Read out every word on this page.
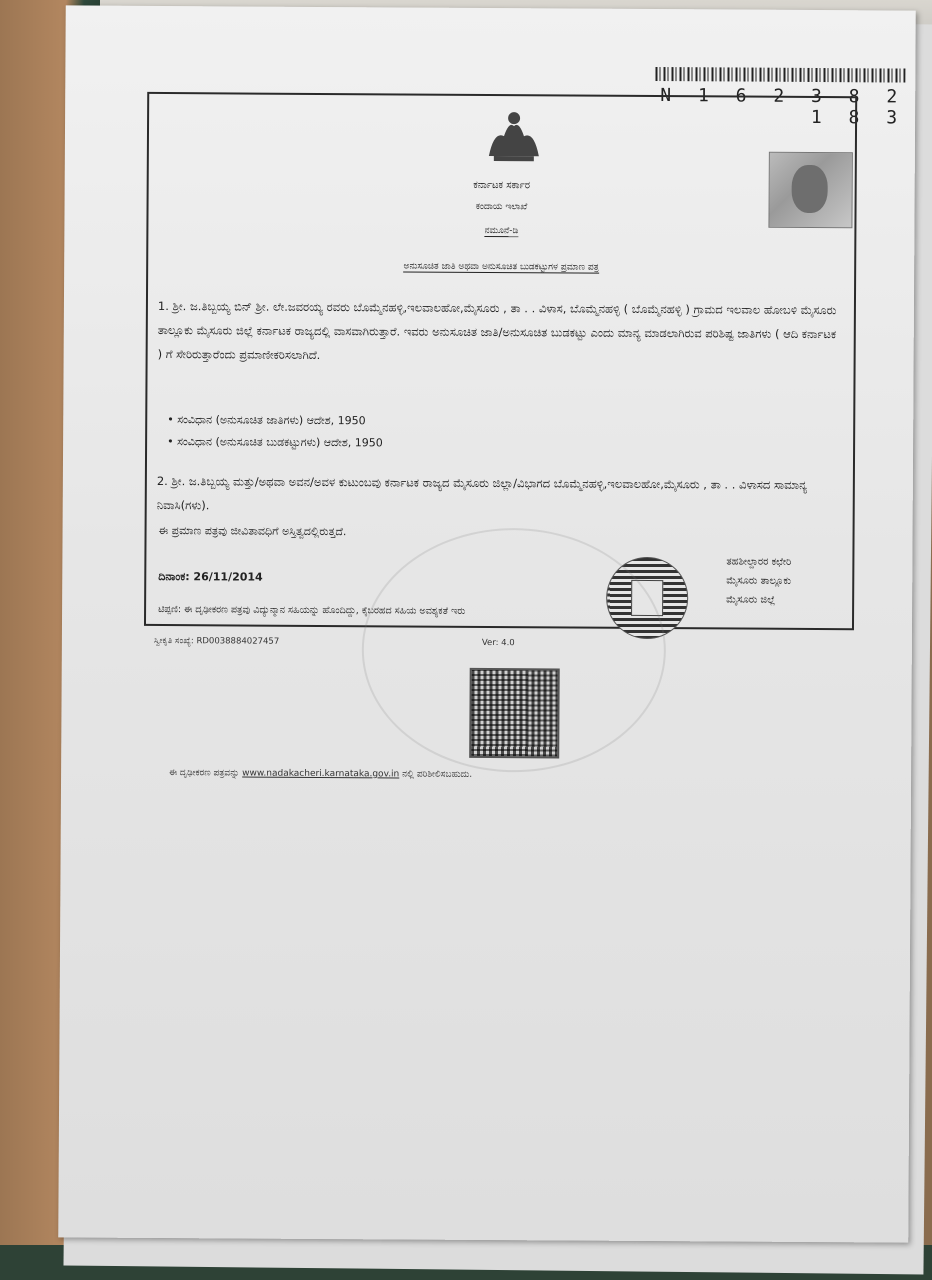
N 1 6 2 3 8 2 1 8 3
ಕರ್ನಾಟಕ ಸರ್ಕಾರ
ಕಂದಾಯ ಇಲಾಖೆ
ನಮೂನೆ-ಡಿ
ಅನುಸೂಚಿತ ಜಾತಿ ಅಥವಾ ಅನುಸೂಚಿತ ಬುಡಕಟ್ಟುಗಳ ಪ್ರಮಾಣ ಪತ್ರ
1. ಶ್ರೀ. ಜ.ತಿಬ್ಬಯ್ಯ ಬಿನ್ ಶ್ರೀ. ಲೇ.ಜವರಯ್ಯ ರವರು ಬೊಮ್ಮೆನಹಳ್ಳಿ,ಇಲವಾಲಹೋ,ಮೈಸೂರು , ತಾ . . ವಿಳಾಸ, ಬೊಮ್ಮೆನಹಳ್ಳಿ ( ಬೊಮ್ಮೆನಹಳ್ಳಿ ) ಗ್ರಾಮದ ಇಲವಾಲ ಹೋಬಳಿ ಮೈಸೂರು ತಾಲ್ಲೂಕು ಮೈಸೂರು ಜಿಲ್ಲೆ ಕರ್ನಾಟಕ ರಾಜ್ಯದಲ್ಲಿ ವಾಸವಾಗಿರುತ್ತಾರೆ. ಇವರು ಅನುಸೂಚಿತ ಜಾತಿ/ಅನುಸೂಚಿತ ಬುಡಕಟ್ಟು ಎಂದು ಮಾನ್ಯ ಮಾಡಲಾಗಿರುವ ಪರಿಶಿಷ್ಟ ಜಾತಿಗಳು ( ಆದಿ ಕರ್ನಾಟಕ ) ಗೆ ಸೇರಿರುತ್ತಾರೆಂದು ಪ್ರಮಾಣೀಕರಿಸಲಾಗಿದೆ.
• ಸಂವಿಧಾನ (ಅನುಸೂಚಿತ ಜಾತಿಗಳು) ಆದೇಶ, 1950
• ಸಂವಿಧಾನ (ಅನುಸೂಚಿತ ಬುಡಕಟ್ಟುಗಳು) ಆದೇಶ, 1950
2. ಶ್ರೀ. ಜ.ತಿಬ್ಬಯ್ಯ ಮತ್ತು/ಅಥವಾ ಅವನ/ಅವಳ ಕುಟುಂಬವು ಕರ್ನಾಟಕ ರಾಜ್ಯದ ಮೈಸೂರು ಜಿಲ್ಲಾ/ವಿಭಾಗದ ಬೊಮ್ಮೆನಹಳ್ಳಿ,ಇಲವಾಲಹೋ,ಮೈಸೂರು , ತಾ . . ವಿಳಾಸದ ಸಾಮಾನ್ಯ ನಿವಾಸಿ(ಗಳು).
ಈ ಪ್ರಮಾಣ ಪತ್ರವು ಜೀವಿತಾವಧಿಗೆ ಅಸ್ತಿತ್ವದಲ್ಲಿರುತ್ತದೆ.
ದಿನಾಂಕ: 26/11/2014
ತಹಶೀಲ್ದಾರರ ಕಛೇರಿ
ಮೈಸೂರು ತಾಲ್ಲೂಕು
ಮೈಸೂರು ಜಿಲ್ಲೆ
ಟಿಪ್ಪಣಿ: ಈ ದೃಢೀಕರಣ ಪತ್ರವು ವಿದ್ಯುನ್ಮಾನ ಸಹಿಯನ್ನು ಹೊಂದಿದ್ದು, ಕೈಬರಹದ ಸಹಿಯ ಅವಶ್ಯಕತೆ ಇರು
ಸ್ವೀಕೃತಿ ಸಂಖ್ಯೆ: RD0038884027457	Ver: 4.0
ಈ ದೃಢೀಕರಣ ಪತ್ರವನ್ನು www.nadakacheri.karnataka.gov.in ನಲ್ಲಿ ಪರಿಶೀಲಿಸಬಹುದು.
